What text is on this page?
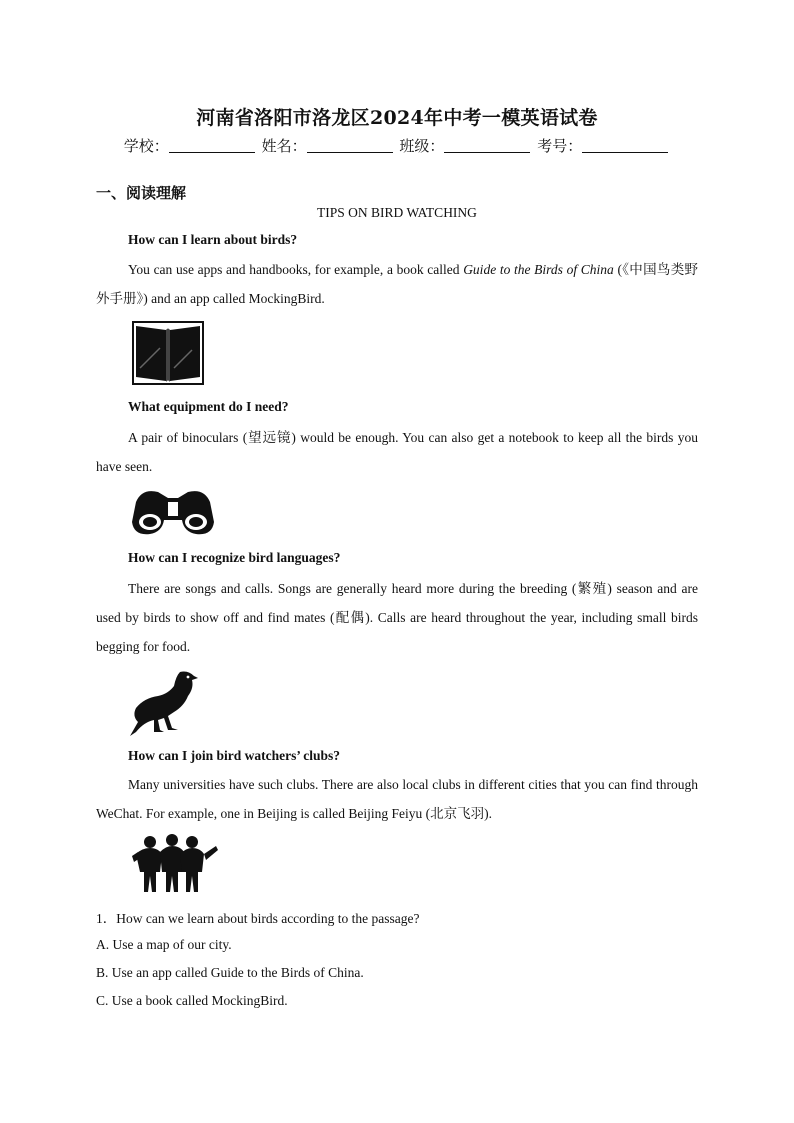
河南省洛阳市洛龙区2024年中考一模英语试卷
学校：	姓名：	班级：	考号：
一、阅读理解
TIPS ON BIRD WATCHING
How can I learn about birds?
You can use apps and handbooks, for example, a book called Guide to the Birds of China (《中国鸟类野外手册》) and an app called MockingBird.
What equipment do I need?
A pair of binoculars (望远镜) would be enough. You can also get a notebook to keep all the birds you have seen.
How can I recognize bird languages?
There are songs and calls. Songs are generally heard more during the breeding (繁殖) season and are used by birds to show off and find mates (配偶). Calls are heard throughout the year, including small birds begging for food.
How can I join bird watchers’ clubs?
Many universities have such clubs. There are also local clubs in different cities that you can find through WeChat. For example, one in Beijing is called Beijing Feiyu (北京飞羽).
1．How can we learn about birds according to the passage?
A. Use a map of our city.
B. Use an app called Guide to the Birds of China.
C. Use a book called MockingBird.
